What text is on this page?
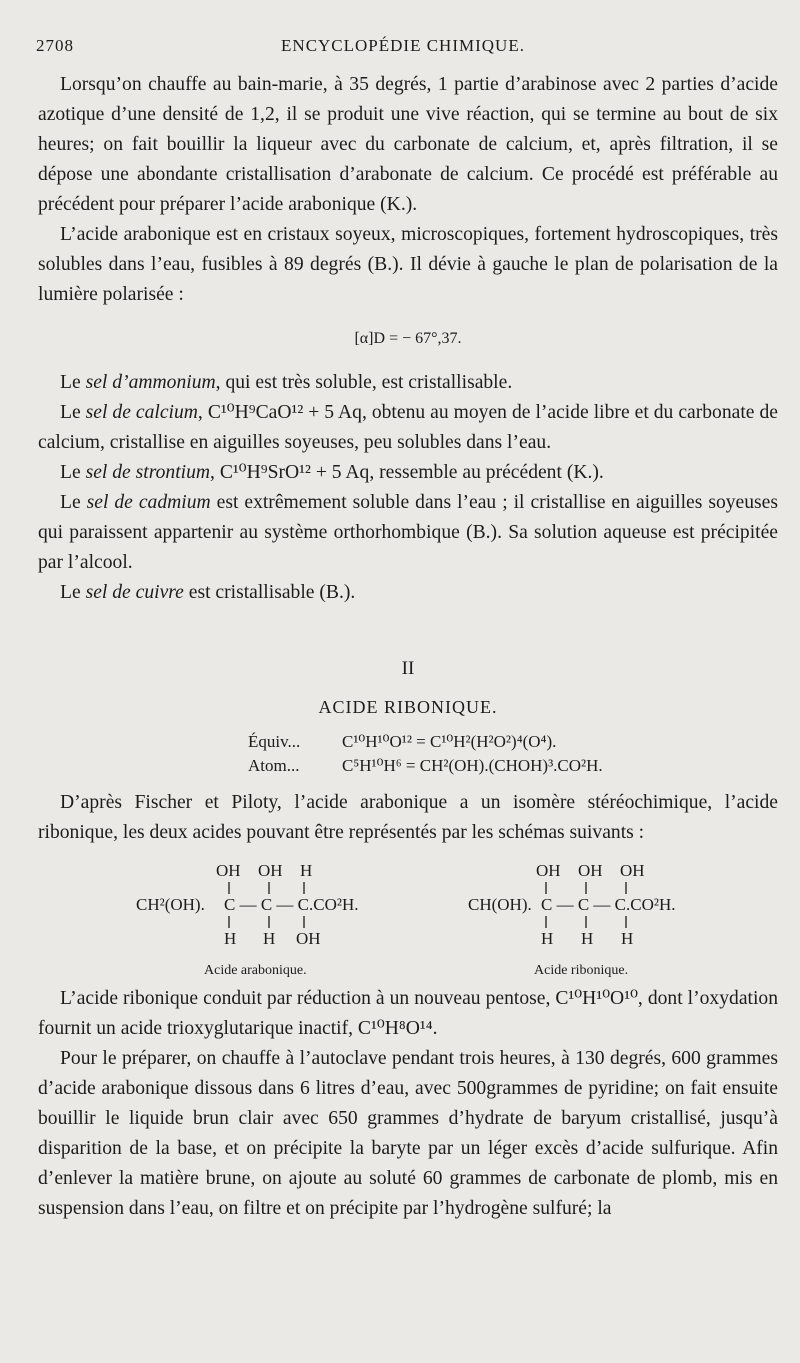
2708	ENCYCLOPÉDIE CHIMIQUE.

Lorsqu’on chauffe au bain-marie, à 35 degrés, 1 partie d’arabinose avec 2 parties d’acide azotique d’une densité de 1,2, il se produit une vive réaction, qui se termine au bout de six heures; on fait bouillir la liqueur avec du carbonate de calcium, et, après filtration, il se dépose une abondante cristallisation d’arabonate de calcium. Ce procédé est préférable au précédent pour préparer l’acide arabonique (K.).

L’acide arabonique est en cristaux soyeux, microscopiques, fortement hydroscopiques, très solubles dans l’eau, fusibles à 89 degrés (B.). Il dévie à gauche le plan de polarisation de la lumière polarisée :

[α]D = − 67°,37.

Le sel d’ammonium, qui est très soluble, est cristallisable.

Le sel de calcium, C¹⁰H⁹CaO¹² + 5 Aq, obtenu au moyen de l’acide libre et du carbonate de calcium, cristallise en aiguilles soyeuses, peu solubles dans l’eau.

Le sel de strontium, C¹⁰H⁹SrO¹² + 5 Aq, ressemble au précédent (K.).

Le sel de cadmium est extrêmement soluble dans l’eau ; il cristallise en aiguilles soyeuses qui paraissent appartenir au système orthorhombique (B.). Sa solution aqueuse est précipitée par l’alcool.

Le sel de cuivre est cristallisable (B.).

II
ACIDE RIBONIQUE.
Équiv... C¹⁰H¹⁰O¹² = C¹⁰H²(H²O²)⁴(O⁴).
Atom...	C⁵H¹⁰H⁶ = CH²(OH).(CHOH)³.CO²H.

D’après Fischer et Piloty, l’acide arabonique a un isomère stéréochimique, l’acide ribonique, les deux acides pouvant être représentés par les schémas suivants :

OH OH H
CH²(OH). C — C — C.CO²H.
H H OH
Acide arabonique.
OH OH OH
CH(OH). C — C — C.CO²H.
H H H
Acide ribonique.

L’acide ribonique conduit par réduction à un nouveau pentose, C¹⁰H¹⁰O¹⁰, dont l’oxydation fournit un acide trioxyglutarique inactif, C¹⁰H⁸O¹⁴.

Pour le préparer, on chauffe à l’autoclave pendant trois heures, à 130 degrés, 600 grammes d’acide arabonique dissous dans 6 litres d’eau, avec 500grammes de pyridine; on fait ensuite bouillir le liquide brun clair avec 650 grammes d’hydrate de baryum cristallisé, jusqu’à disparition de la base, et on précipite la baryte par un léger excès d’acide sulfurique. Afin d’enlever la matière brune, on ajoute au soluté 60 grammes de carbonate de plomb, mis en suspension dans l’eau, on filtre et on précipite par l’hydrogène sulfuré; la
